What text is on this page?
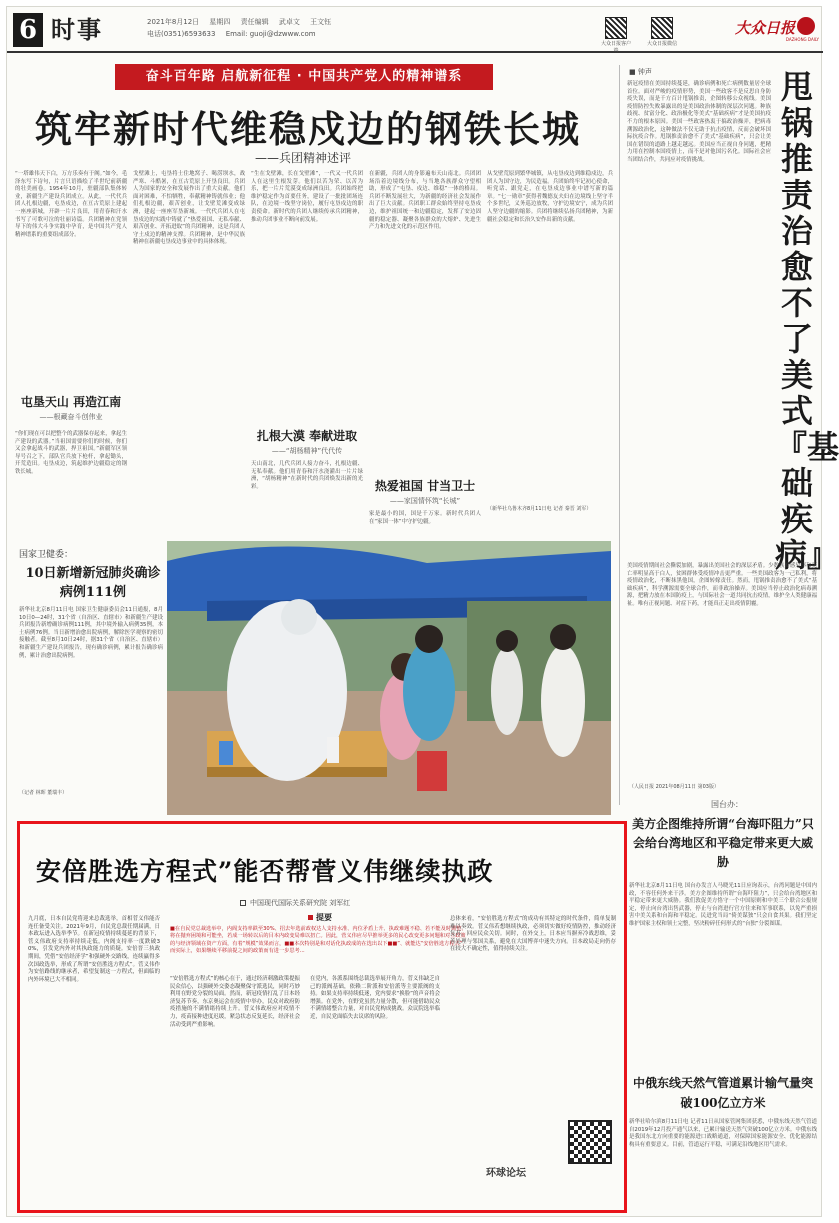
6 时事	2021年8月12日 星期四 责任编辑 武卓文 王文钰
电话(0351)6593633 Email: guoji@dzwww.com
大众日报客户端
大众日报微信
大众日报
DAZHONG DAILY
奋斗百年路 启航新征程 · 中国共产党人的精神谱系
筑牢新时代维稳戍边的钢铁长城
——兵团精神述评
“一塔雄伟天下白，万方乐奏有于阗。”如今，毛泽东写下诗句，片言只语描绘了半世纪前新疆的壮美画卷。1954年10月，驻疆部队集体转业，新疆生产建设兵团成立。从此，一代代兵团人扎根边疆，屯垦戍边，在亘古荒原上建起一座座新城，开辟一片片良田，用青春和汗水书写了可歌可泣的壮丽诗篇。兵团精神在党领导下的伟大斗争实践中孕育，是中国共产党人精神谱系的重要组成部分。
“你们现在可以把整个的武器保存起来，拿起生产建设的武器。”当祖国需要你们的时候，你们又会拿起战斗的武器，捍卫祖国。”新疆军区领导号召之下，部队官兵放下枪杆，拿起锄头，开荒造田。屯垦戍边，筑起维护边疆稳定的钢铁长城。
屯垦天山 再造江南
——根藏奋斗创伟业
戈壁滩上，屯垦将士住地窝子、喝涝坝水，战严寒、斗酷暑，在亘古荒原上开垦良田。兵团人为国家的安全和发展作出了重大贡献。他们面对困难，不怕牺牲，奉献精神铸就伟业；他们扎根边疆，艰苦创业，让戈壁荒滩变成绿洲，建起一座座军垦新城。一代代兵团人在屯垦戍边的实践中铸就了“热爱祖国、无私奉献、艰苦创业、开拓进取”的兵团精神，这是兵团人守土戍边的精神支撑。兵团精神，是中华民族精神在新疆屯垦戍边事业中的具体体现。
“生在戈壁滩，长在戈壁滩”，一代又一代兵团人在这里生根发芽。他们以苦为荣、以苦为乐，把一片片荒漠变成绿洲良田。兵团始终把维护稳定作为首要任务，建设了一批批团场连队，在边境一线坚守岗位，履行屯垦戍边的职责使命。新时代的兵团人继续传承兵团精神，推动兵团事业不断向前发展。
扎根大漠 奉献进取
——“胡杨精神”代代传
天山南北，几代兵团人接力奋斗，扎根边疆、无私奉献。他们用青春和汗水浇灌出一片片绿洲，“胡杨精神”在新时代的兵团焕发出新的光彩。
在新疆，兵团人的身影遍布天山南北。兵团团场沿着边境线分布，与当地各族群众守望相助，形成了“屯垦、戍边、维稳”一体的格局。兵团不断发展壮大，为新疆的经济社会发展作出了巨大贡献。兵团职工群众始终坚持屯垦戍边，维护祖国统一和边疆稳定，发挥了安边固疆的稳定器、凝聚各族群众的大熔炉、先进生产力和先进文化的示范区作用。
热爱祖国 甘当卫士
——家国情怀筑“长城”
家是最小的国，国是千万家。新时代兵团人在“家国一体”中守护边疆。
从戈壁荒原到繁华城镇，从屯垦戍边到维稳戍边，兵团人为国守边，为民造福。兵团始终牢记初心使命，听党话、跟党走，在屯垦戍边事业中谱写新的篇章。“七一勋章”获得者魏德友夫妇在边境线上坚守半个多世纪，义务巡边放牧，守护边境安宁，成为兵团人坚守边疆的缩影。兵团将继续弘扬兵团精神，为新疆社会稳定和长治久安作出新的贡献。
（新华社乌鲁木齐8月11日电 记者 秦晋 刘军）
■ 钟声
新冠疫情在美国持续蔓延，确诊病例和死亡病例数量居全球首位。面对严峻的疫情形势，美国一些政客不是反思自身防疫失误，而是千方百计甩锅推责，企图转移公众视线。美国疫情防控失败暴露出的是美国政治体制的深层次问题。种族歧视、贫富分化、政治极化等美式“基础疾病”才是美国抗疫不力的根本原因。美国一些政客热衷于搞政治操弄，把病毒溯源政治化，这种做法不仅无助于抗击疫情，反而会破坏国际抗疫合作。甩锅推责治愈不了美式“基础疾病”，只会让美国在错误的道路上越走越远。美国应当正视自身问题，把精力用在控制本国疫情上，而不是对他国污名化。国际社会应当团结合作，共同应对疫情挑战。
甩锅推责治愈不了美式『基础疾病』
美国疫情期间社会撕裂加剧，暴露出美国社会的深层矛盾。少数族裔感染率和死亡率明显高于白人，贫困群体受疫情冲击更严重。一些美国政客为一己私利，将疫情政治化，不断抹黑他国，企图转嫁责任。然而，甩锅推责治愈不了美式“基础疾病”，科学溯源需要全球合作，而非政治操弄。美国应当停止政治化病毒溯源，把精力放在本国防疫上，与国际社会一道共同抗击疫情，维护全人类健康福祉。唯有正视问题、对症下药，才能真正走出疫情阴霾。
（人民日报 2021年08月11日 第03版）
国家卫健委：
10日新增新冠肺炎确诊病例111例
新华社北京8月11日电 国家卫生健康委员会11日通报，8月10日0—24时，31个省（自治区、直辖市）和新疆生产建设兵团报告新增确诊病例111例，其中境外输入病例35例，本土病例76例。当日新增治愈出院病例，解除医学观察的密切接触者。截至8月10日24时，据31个省（自治区、直辖市）和新疆生产建设兵团报告，现有确诊病例，累计报告确诊病例，累计治愈出院病例。
（记者 林晖 董瑞丰）
国台办：
美方企图维持所谓“台海吓阻力”只会给台湾地区和平稳定带来更大威胁
新华社北京8月11日电 国台办发言人马晓光11日应询表示，台湾问题是中国内政，不容任何外来干涉。美方企图维持所谓“台海吓阻力”，只会给台湾地区和平稳定带来更大威胁。我们敦促美方恪守一个中国原则和中美三个联合公报规定，停止向台湾出售武器，停止与台湾进行官方往来和军事联系，以免严重损害中美关系和台海和平稳定。民进党当局“倚美谋独”只会自食其果。我们坚定维护国家主权和领土完整，坚决粉碎任何形式的“台独”分裂图谋。
中俄东线天然气管道累计输气量突破100亿立方米
新华社哈尔滨8月11日电 记者11日从国家管网集团获悉，中俄东线天然气管道自2019年12月投产通气以来，已累计输送天然气突破100亿立方米。中俄东线是我国东北方向重要的能源进口战略通道，对保障国家能源安全、优化能源结构具有重要意义。目前，管道运行平稳，可满足沿线地区用气需求。
安倍胜选方程式”能否帮菅义伟继续执政
中国现代国际关系研究院 刘军红
提要
■在自民党总裁选举中，内阁支持率跌至30%、招去年选前政权达人支持水准、内位矛盾上升、执政难题不稳、若不能及时调整、将在抛弃困境和可能坐，若成一场转以后的目本内政变局难以扭亡。因此，菅义伟应尽早推举更多的民心改变更多问题和对立政策的与经济领域在资产方面，有着“规模”效果而言，■■本次特别是和对话化执政成的在选出以下■■”、就能达“安倍胜选方程式”，而实际上，如果继续平移前提之间的政策而有进一步思考...
九月底，日本自民党将迎来总裁选举，首相菅义伟能否连任备受关注。2021年9月，自民党总裁任期届满，日本政坛进入选举季节。在新冠疫情持续蔓延的背景下，菅义伟政府支持率持续走低，内阁支持率一度跌破30%，引发党内外对其执政能力的质疑。安倍晋三执政期间，凭借“安倍经济学”和强硬外交路线，连续赢得多次国政选举，形成了所谓“安倍胜选方程式”。菅义伟作为安倍路线的继承者，希望复制这一方程式，但面临的内外环境已大不相同。	“安倍胜选方程式”的核心在于，通过经济刺激政策提振民众信心，以强硬外交姿态凝聚保守派选民，同时巧妙利用在野党分裂的局面。然而，新冠疫情打乱了日本经济复苏节奏，东京奥运会在疫情中举办，民众对政府防疫措施的不满情绪持续上升。菅义伟政府应对疫情不力，疫苗接种进度迟缓，紧急状态反复延长，经济社会活动受到严重影响。
在党内，各派系围绕总裁选举展开角力，菅义伟缺乏自己的派阀基础，依赖二阶派和安倍派等主要派阀的支持。如果支持率持续低迷，党内要求“换脸”的声音将会增强。在党外，在野党虽然力量分散，但可能借助民众不满情绪整合力量，对自民党构成挑战。众议院选举临近，自民党面临失去议席的风险。
总体来看，“安倍胜选方程式”的成功有其特定的时代条件，简单复制难以奏效。菅义伟若想继续执政，必须切实做好疫情防控，推动经济复苏，回应民众关切。同时，在外交上，日本应当摒弃冷战思维，妥善处理与邻国关系，避免在大国博弈中迷失方向。日本政局走向仍存在较大不确定性，值得持续关注。
环球论坛
